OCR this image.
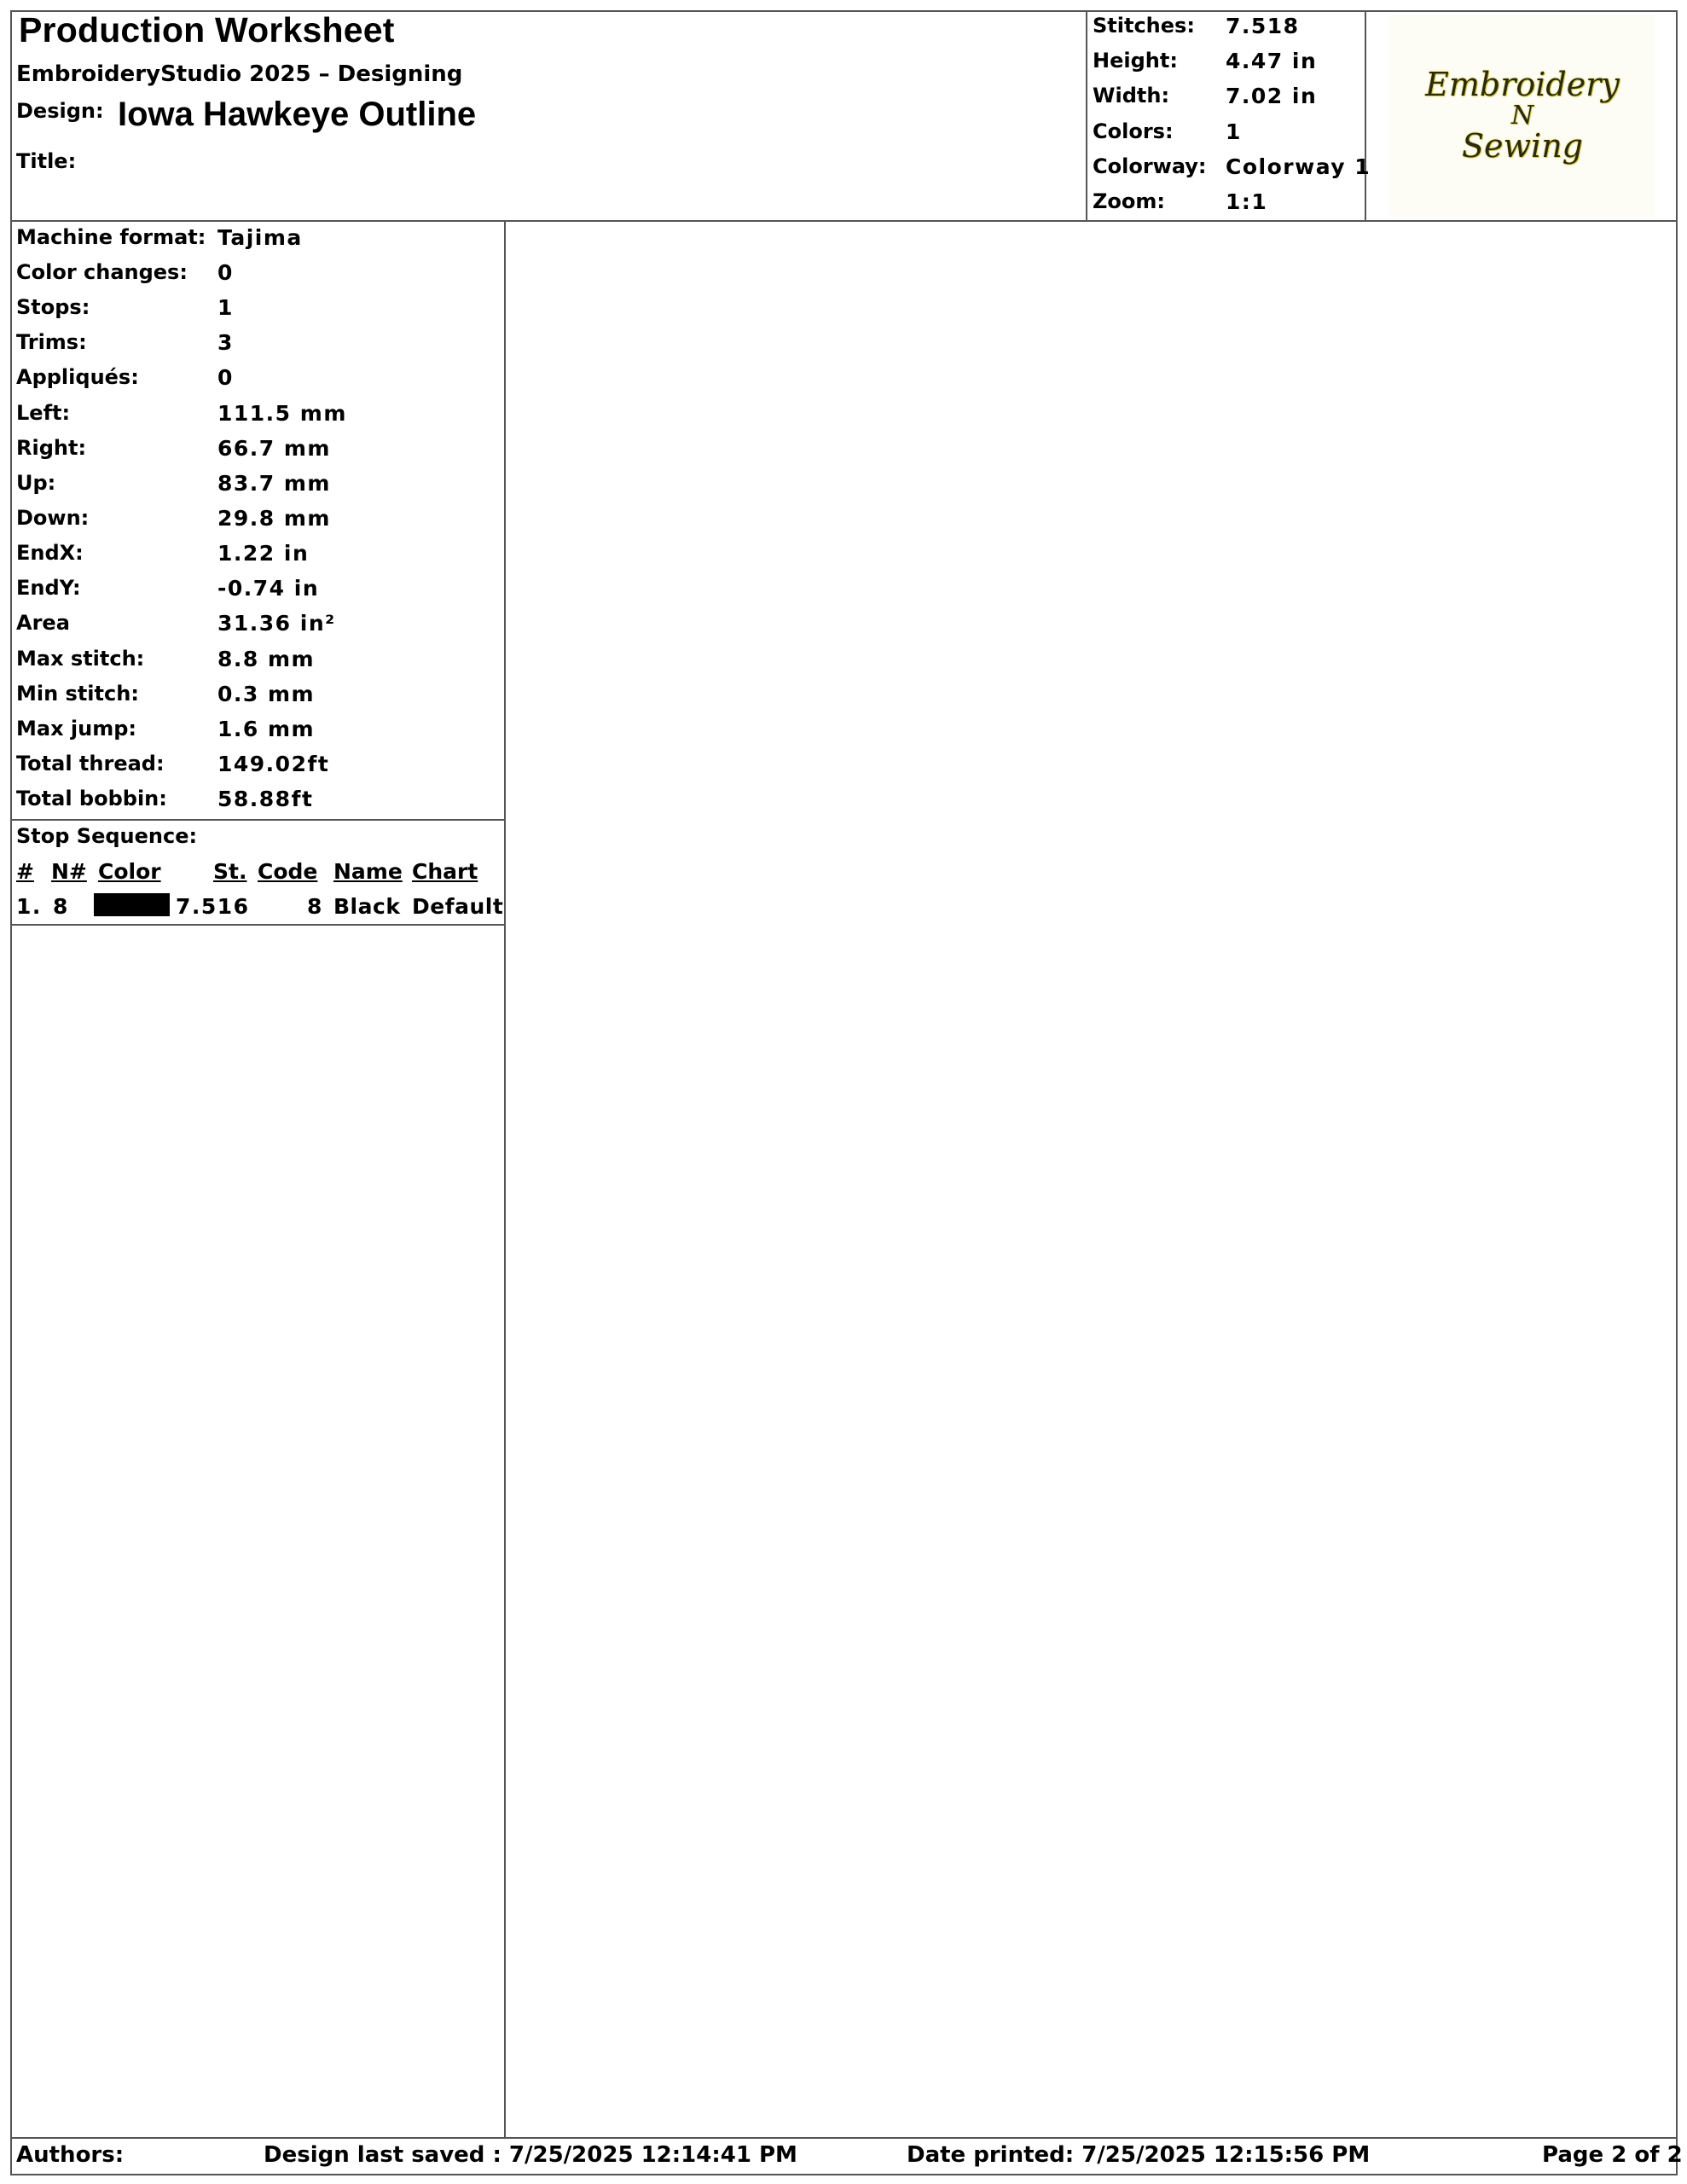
Production Worksheet
EmbroideryStudio 2025 – Designing
Design: Iowa Hawkeye Outline
Title:
Stitches: 7.518
Height: 4.47 in
Width:	7.02 in
Colors: 1
Colorway: Colorway 1
Zoom:	1:1
Embroidery
N
Sewing
Machine format: Tajima
Color changes: 0
Stops:	1
Trims:	3
Appliqués:	0
Left:	111.5 mm
Right:	66.7 mm
Up:	83.7 mm
Down:	29.8 mm
EndX:	1.22 in
EndY:	-0.74 in
Area	31.36 in²
Max stitch:	8.8 mm
Min stitch:	0.3 mm
Max jump:	1.6 mm
Total thread: 149.02ft
Total bobbin: 58.88ft
Stop Sequence:
# N# Color St. Code Name Chart
1. 8	7.516	8 Black Default
Authors:	Design last saved : 7/25/2025 12:14:41 PM	Date printed: 7/25/2025 12:15:56 PM	Page 2 of 2
